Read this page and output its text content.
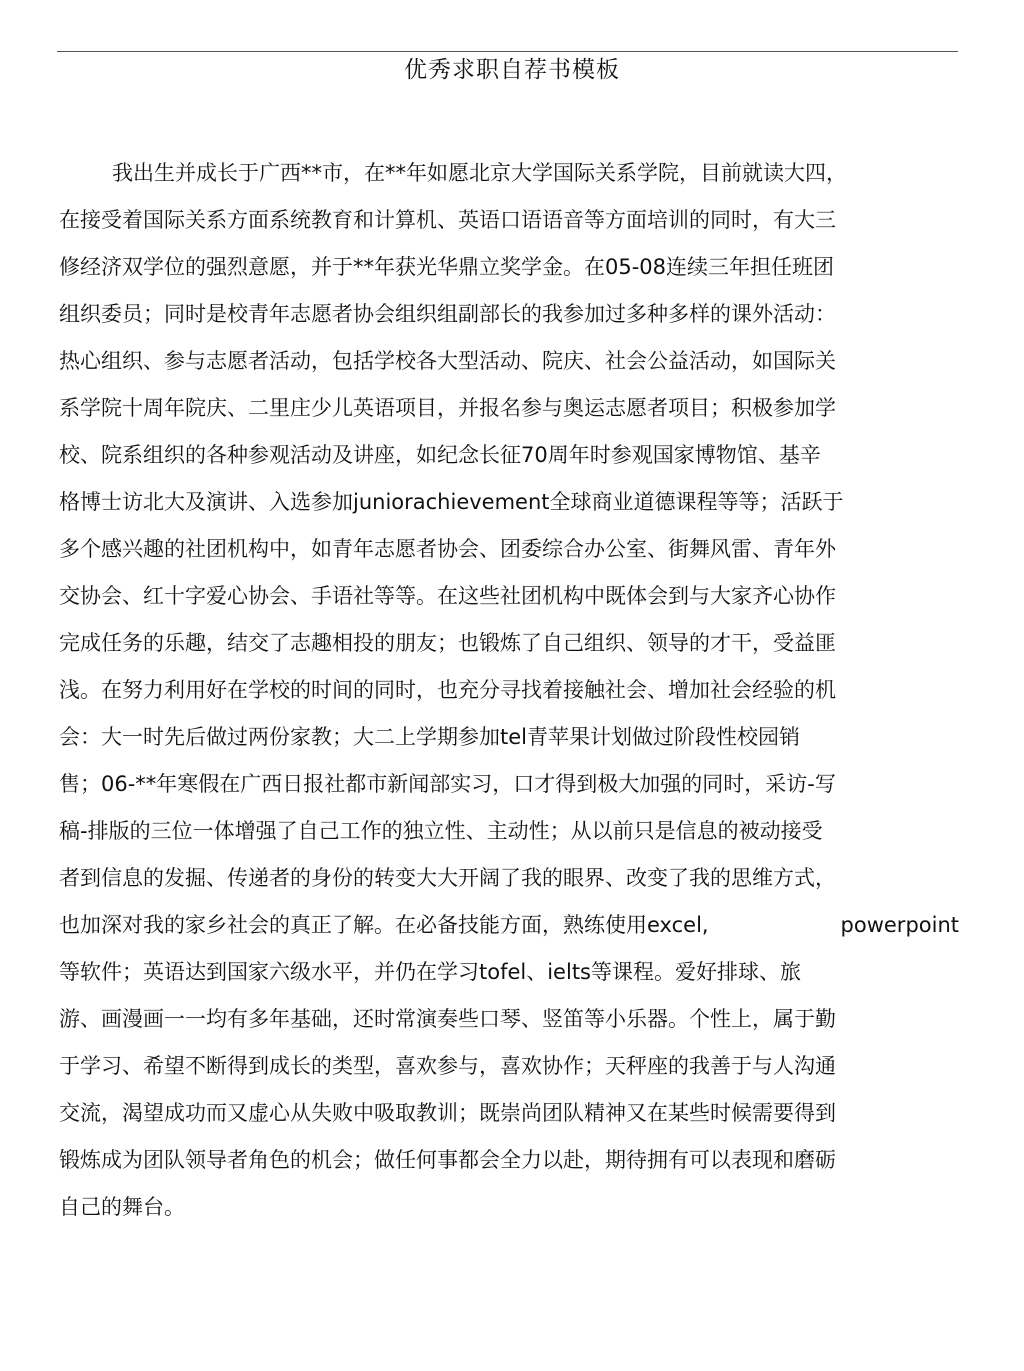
优秀求职自荐书模板
我出生并成长于广西**市，在**年如愿北京大学国际关系学院，目前就读大四，
在接受着国际关系方面系统教育和计算机、英语口语语音等方面培训的同时，有大三
修经济双学位的强烈意愿，并于**年获光华鼎立奖学金。在05-08连续三年担任班团
组织委员；同时是校青年志愿者协会组织组副部长的我参加过多种多样的课外活动：
热心组织、参与志愿者活动，包括学校各大型活动、院庆、社会公益活动，如国际关
系学院十周年院庆、二里庄少儿英语项目，并报名参与奥运志愿者项目；积极参加学
校、院系组织的各种参观活动及讲座，如纪念长征70周年时参观国家博物馆、基辛
格博士访北大及演讲、入选参加juniorachievement全球商业道德课程等等；活跃于
多个感兴趣的社团机构中，如青年志愿者协会、团委综合办公室、街舞风雷、青年外
交协会、红十字爱心协会、手语社等等。在这些社团机构中既体会到与大家齐心协作
完成任务的乐趣，结交了志趣相投的朋友；也锻炼了自己组织、领导的才干，受益匪
浅。在努力利用好在学校的时间的同时，也充分寻找着接触社会、增加社会经验的机
会：大一时先后做过两份家教；大二上学期参加tel青苹果计划做过阶段性校园销
售；06-**年寒假在广西日报社都市新闻部实习，口才得到极大加强的同时，采访-写
稿-排版的三位一体增强了自己工作的独立性、主动性；从以前只是信息的被动接受
者到信息的发掘、传递者的身份的转变大大开阔了我的眼界、改变了我的思维方式，
也加深对我的家乡社会的真正了解。在必备技能方面，熟练使用excel,	powerpoint
等软件；英语达到国家六级水平，并仍在学习tofel、ielts等课程。爱好排球、旅
游、画漫画一一均有多年基础，还时常演奏些口琴、竖笛等小乐器。个性上，属于勤
于学习、希望不断得到成长的类型，喜欢参与，喜欢协作；天秤座的我善于与人沟通
交流，渴望成功而又虚心从失败中吸取教训；既崇尚团队精神又在某些时候需要得到
锻炼成为团队领导者角色的机会；做任何事都会全力以赴，期待拥有可以表现和磨砺
自己的舞台。
